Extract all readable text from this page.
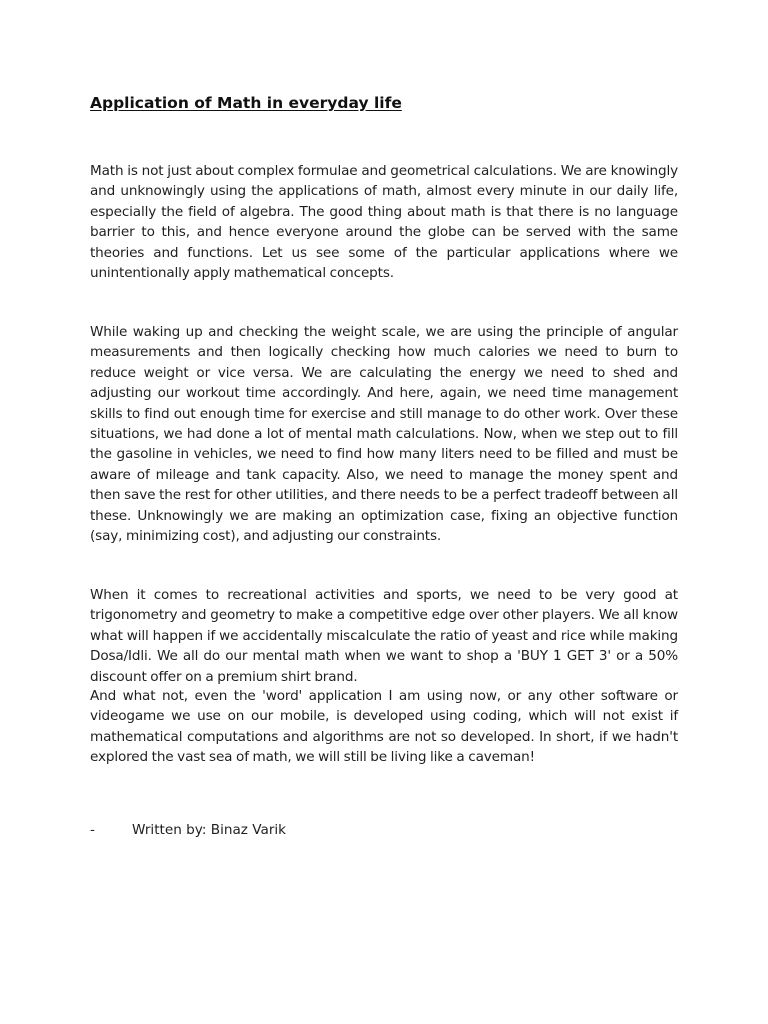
Application of Math in everyday life

Math is not just about complex formulae and geometrical calculations. We are knowingly and unknowingly using the applications of math, almost every minute in our daily life, especially the field of algebra. The good thing about math is that there is no language barrier to this, and hence everyone around the globe can be served with the same theories and functions. Let us see some of the particular applications where we unintentionally apply mathematical concepts.

While waking up and checking the weight scale, we are using the principle of angular measurements and then logically checking how much calories we need to burn to reduce weight or vice versa. We are calculating the energy we need to shed and adjusting our workout time accordingly. And here, again, we need time management skills to find out enough time for exercise and still manage to do other work. Over these situations, we had done a lot of mental math calculations. Now, when we step out to fill the gasoline in vehicles, we need to find how many liters need to be filled and must be aware of mileage and tank capacity. Also, we need to manage the money spent and then save the rest for other utilities, and there needs to be a perfect tradeoff between all these. Unknowingly we are making an optimization case, fixing an objective function (say, minimizing cost), and adjusting our constraints.

When it comes to recreational activities and sports, we need to be very good at trigonometry and geometry to make a competitive edge over other players. We all know what will happen if we accidentally miscalculate the ratio of yeast and rice while making Dosa/Idli. We all do our mental math when we want to shop a 'BUY 1 GET 3' or a 50% discount offer on a premium shirt brand.

And what not, even the 'word' application I am using now, or any other software or videogame we use on our mobile, is developed using coding, which will not exist if mathematical computations and algorithms are not so developed. In short, if we hadn't explored the vast sea of math, we will still be living like a caveman!

-	Written by: Binaz Varik
